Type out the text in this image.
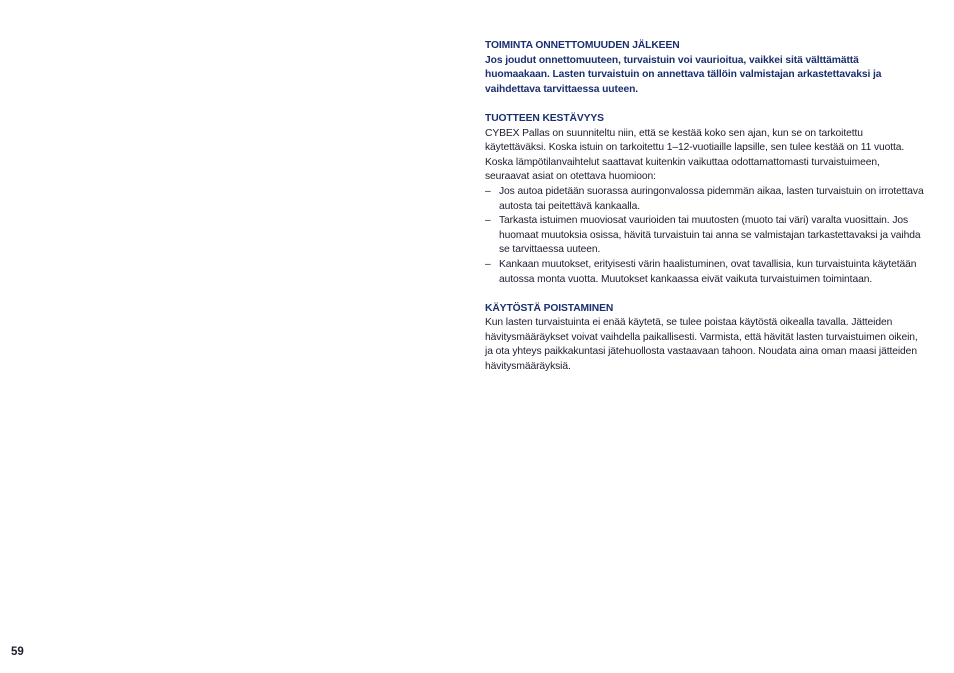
TOIMINTA ONNETTOMUUDEN JÄLKEEN

Jos joudut onnettomuuteen, turvaistuin voi vaurioitua, vaikkei sitä välttämättä huomaakaan. Lasten turvaistuin on annettava tällöin valmistajan arkastettavaksi ja vaihdettava tarvittaessa uuteen.

TUOTTEEN KESTÄVYYS

CYBEX Pallas on suunniteltu niin, että se kestää koko sen ajan, kun se on tarkoitettu käytettäväksi. Koska istuin on tarkoitettu 1–12-vuotiaille lapsille, sen tulee kestää on 11 vuotta. Koska lämpötilanvaihtelut saattavat kuitenkin vaikuttaa odottamattomasti turvaistuimeen, seuraavat asiat on otettava huomioon:

– Jos autoa pidetään suorassa auringonvalossa pidemmän aikaa, lasten turvaistuin on irrotettava autosta tai peitettävä kankaalla.
– Tarkasta istuimen muoviosat vaurioiden tai muutosten (muoto tai väri) varalta vuosittain. Jos huomaat muutoksia osissa, hävitä turvaistuin tai anna se valmistajan tarkastettavaksi ja vaihda se tarvittaessa uuteen.
– Kankaan muutokset, erityisesti värin haalistuminen, ovat tavallisia, kun turvaistuinta käytetään autossa monta vuotta. Muutokset kankaassa eivät vaikuta turvaistuimen toimintaan.
KÄYTÖSTÄ POISTAMINEN

Kun lasten turvaistuinta ei enää käytetä, se tulee poistaa käytöstä oikealla tavalla. Jätteiden hävitysmääräykset voivat vaihdella paikallisesti. Varmista, että hävität lasten turvaistuimen oikein, ja ota yhteys paikkakuntasi jätehuollosta vastaavaan tahoon. Noudata aina oman maasi jätteiden hävitysmääräyksiä.

59
